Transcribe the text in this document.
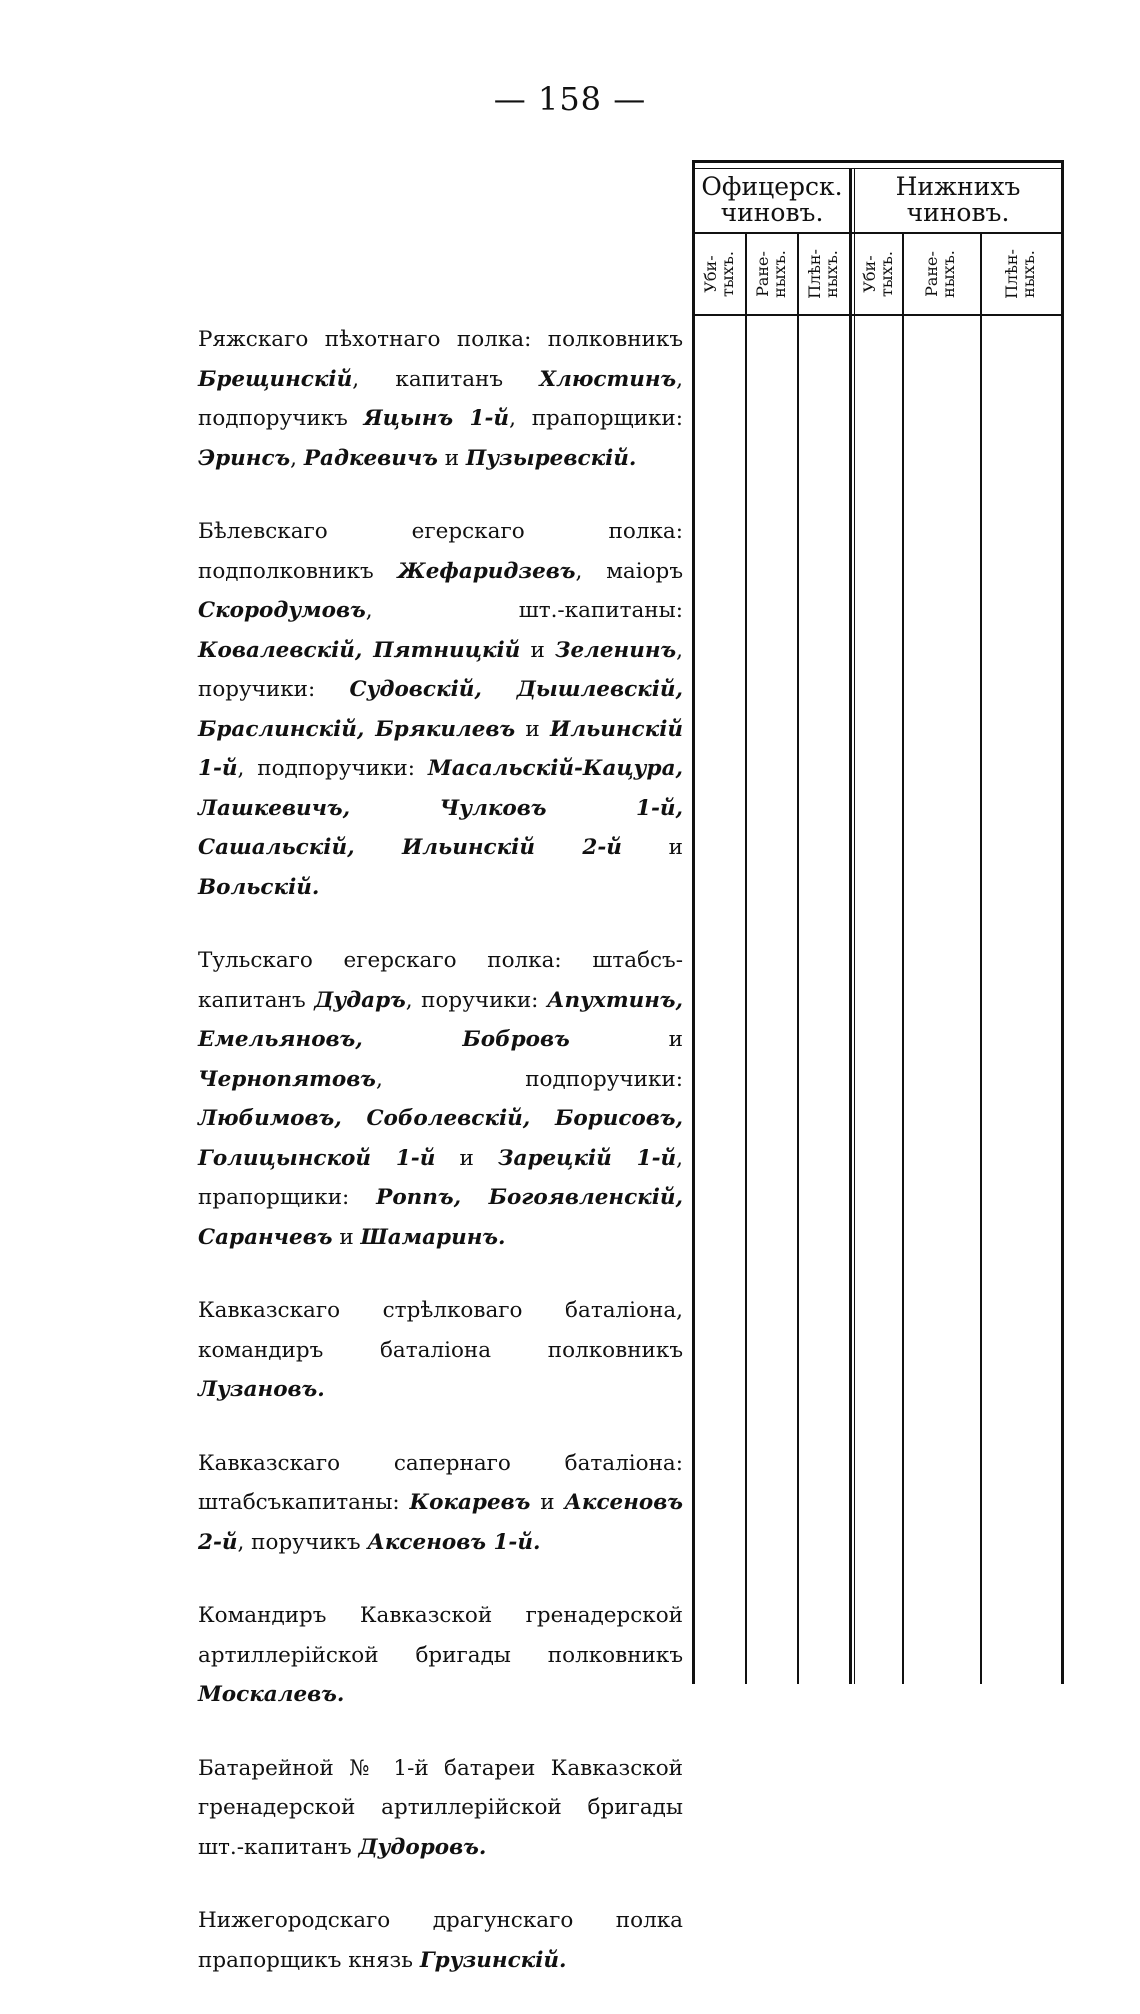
— 158 —
Офицерск.
чиновъ.
Нижнихъ
чиновъ.
Уби-
тыхъ. Ране-
ныхъ. Плѣн-
ныхъ. Уби-
тыхъ. Ране-
ныхъ.	Плѣн-
ныхъ.
Ряжскаго пѣхотнаго полка: полковникъ Брещинскій, капитанъ Хлюстинъ, подпоручикъ Яцынъ 1-й, прапорщики: Эринсъ, Радкевичъ и Пузыревскій.
Бѣлевскаго егерскаго полка: подполковникъ Жефаридзевъ, маіоръ Скородумовъ, шт.-капитаны: Ковалевскій, Пятницкій и Зеленинъ, поручики: Судовскій, Дышлевскій, Браслинскій, Брякилевъ и Ильинскій 1-й, подпоручики: Масальскій-Кацура, Лашкевичъ, Чулковъ 1-й, Сашальскій, Ильинскій 2-й и Вольскій.
Тульскаго егерскаго полка: штабсъ-капитанъ Дударъ, поручики: Апухтинъ, Емельяновъ, Бобровъ и Чернопятовъ, подпоручики: Любимовъ, Соболевскій, Борисовъ, Голицынской 1-й и Зарецкій 1-й, прапорщики: Роппъ, Богоявленскій, Саранчевъ и Шамаринъ.
Кавказскаго стрѣлковаго баталіона, командиръ баталіона полковникъ Лузановъ.
Кавказскаго сапернаго баталіона: штабсъкапитаны: Кокаревъ и Аксеновъ 2-й, поручикъ Аксеновъ 1-й.
Командиръ Кавказской гренадерской артиллерійской бригады полковникъ Москалевъ.
Батарейной № 1-й батареи Кавказской гренадерской артиллерійской бригады шт.-капитанъ Дудоровъ.
Нижегородскаго драгунскаго полка прапорщикъ князь Грузинскій.
